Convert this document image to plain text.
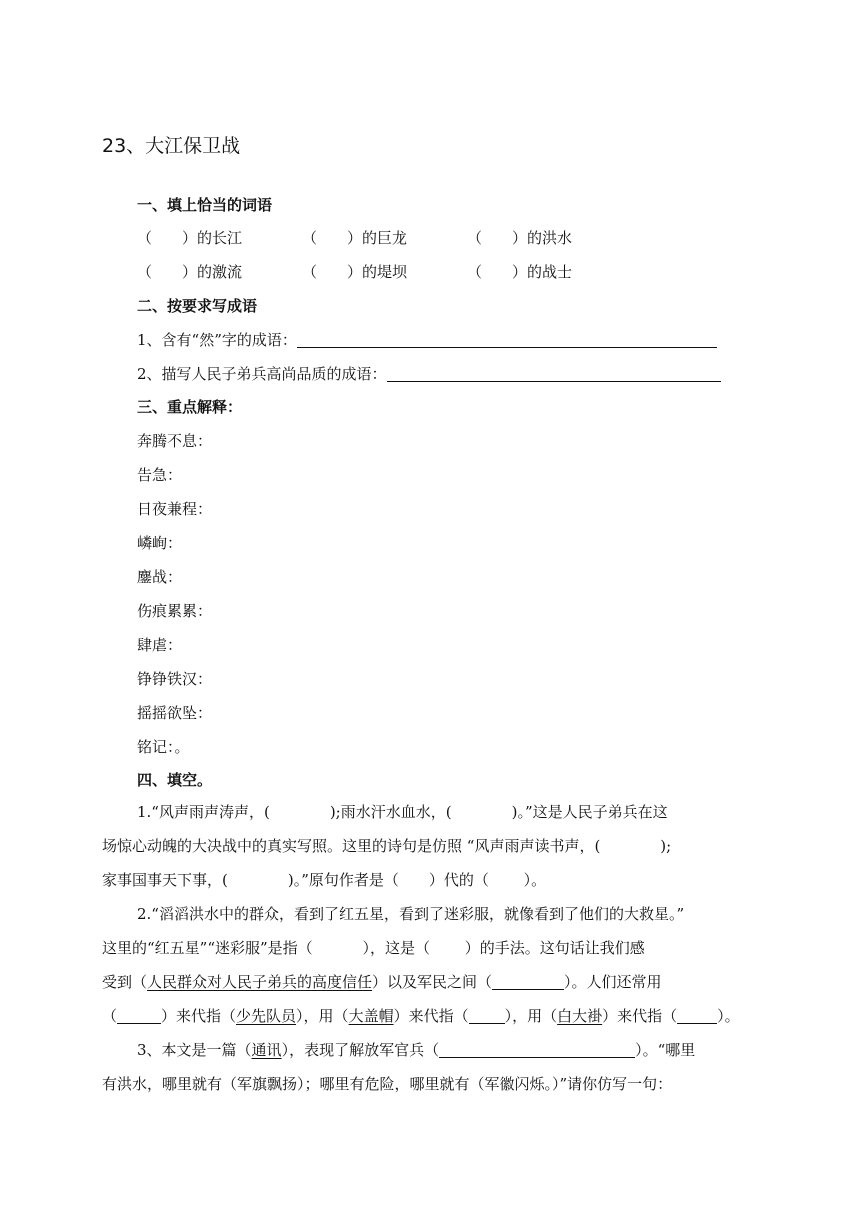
23、大江保卫战
一、填上恰当的词语
（　　）的长江	（　　）的巨龙	（　　）的洪水
（　　）的激流	（　　）的堤坝	（　　）的战士
二、按要求写成语
1、含有“然”字的成语：
2、描写人民子弟兵高尚品质的成语：
三、重点解释：
奔腾不息：
告急：
日夜兼程：
嶙峋：
鏖战：
伤痕累累：
肆虐：
铮铮铁汉：
摇摇欲坠：
铭记：。
四、填空。

1.“风声雨声涛声，(　　　　);雨水汗水血水，(　　　　)。”这是人民子弟兵在这

场惊心动魄的大决战中的真实写照。这里的诗句是仿照 “风声雨声读书声，(　　　　);

家事国事天下事，(　　　　)。”原句作者是（　　）代的（　　 ）。

2.“滔滔洪水中的群众，看到了红五星，看到了迷彩服，就像看到了他们的大救星。”

这里的“红五星”“迷彩服”是指（　　　 ），这是（　　 ）的手法。这句话让我们感

受到（人民群众对人民子弟兵的高度信任）以及军民之间（	）。人们还常用

（	）来代指（少先队员），用（大盖帽）来代指（ ），用（白大褂）来代指（	）。

3、本文是一篇（通讯），表现了解放军官兵（	）。“哪里

有洪水，哪里就有（军旗飘扬）；哪里有危险，哪里就有（军徽闪烁。）”请你仿写一句：
